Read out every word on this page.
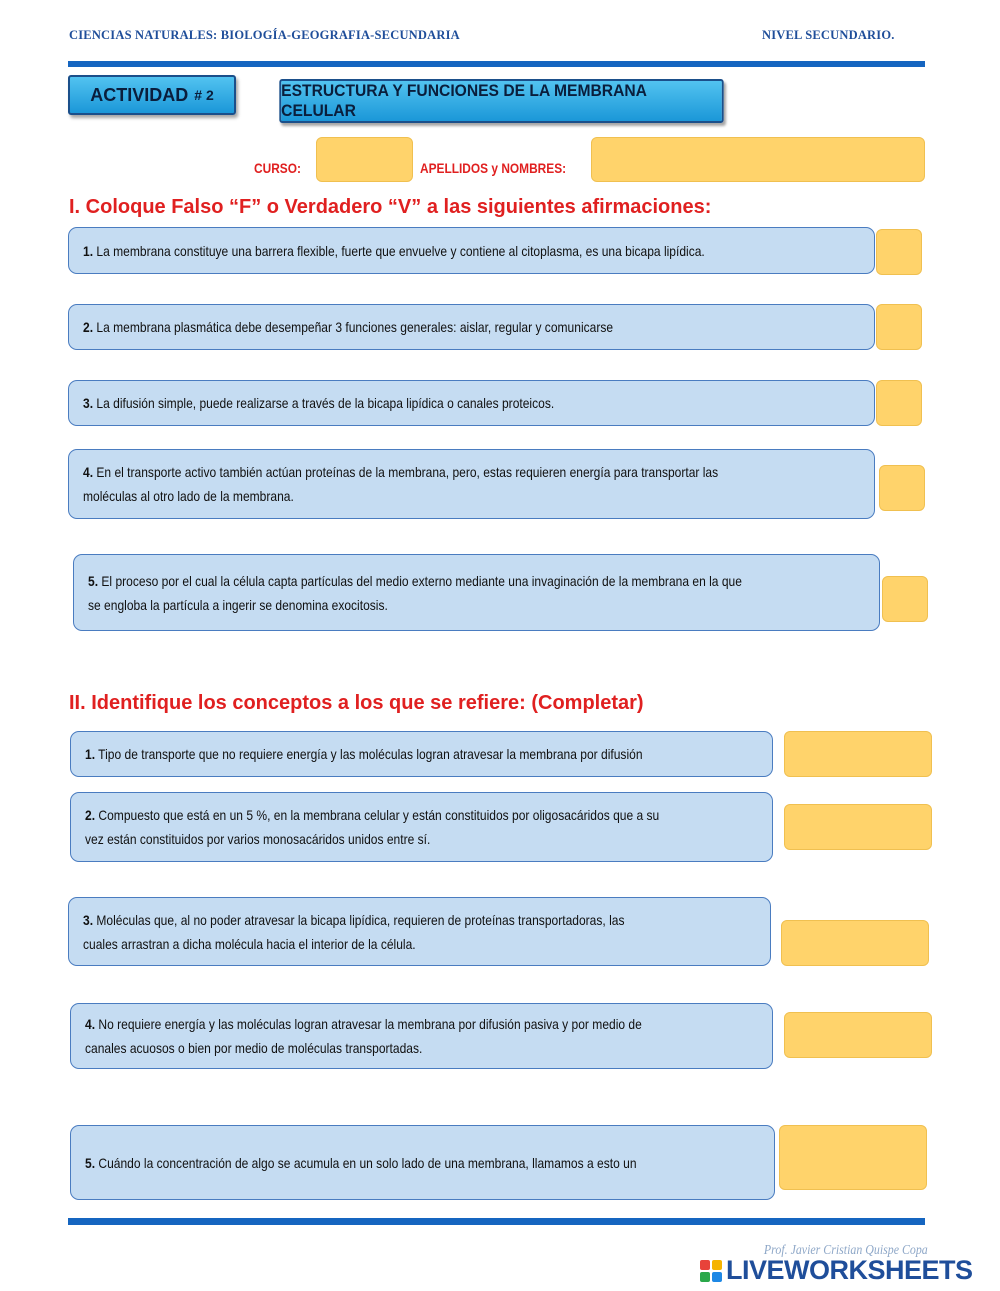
CIENCIAS NATURALES: BIOLOGÍA-GEOGRAFIA-SECUNDARIA	NIVEL SECUNDARIO.
ACTIVIDAD # 2	ESTRUCTURA Y FUNCIONES DE LA MEMBRANA CELULAR
CURSO:	APELLIDOS y NOMBRES:
I. Coloque Falso “F” o Verdadero “V” a las siguientes afirmaciones:
1. La membrana constituye una barrera flexible, fuerte que envuelve y contiene al citoplasma, es una bicapa lipídica.
2. La membrana plasmática debe desempeñar 3 funciones generales: aislar, regular y comunicarse
3. La difusión simple, puede realizarse a través de la bicapa lipídica o canales proteicos.
4. En el transporte activo también actúan proteínas de la membrana, pero, estas requieren energía para transportar las moléculas al otro lado de la membrana.
5. El proceso por el cual la célula capta partículas del medio externo mediante una invaginación de la membrana en la que se engloba la partícula a ingerir se denomina exocitosis.
II. Identifique los conceptos a los que se refiere: (Completar)
1. Tipo de transporte que no requiere energía y las moléculas logran atravesar la membrana por difusión
2. Compuesto que está en un 5 %, en la membrana celular y están constituidos por oligosacáridos que a su vez están constituidos por varios monosacáridos unidos entre sí.
3. Moléculas que, al no poder atravesar la bicapa lipídica, requieren de proteínas transportadoras, las cuales arrastran a dicha molécula hacia el interior de la célula.
4. No requiere energía y las moléculas logran atravesar la membrana por difusión pasiva y por medio de canales acuosos o bien por medio de moléculas transportadas.
5. Cuándo la concentración de algo se acumula en un solo lado de una membrana, llamamos a esto un
Prof. Javier Cristian Quispe Copa
LIVEWORKSHEETS
